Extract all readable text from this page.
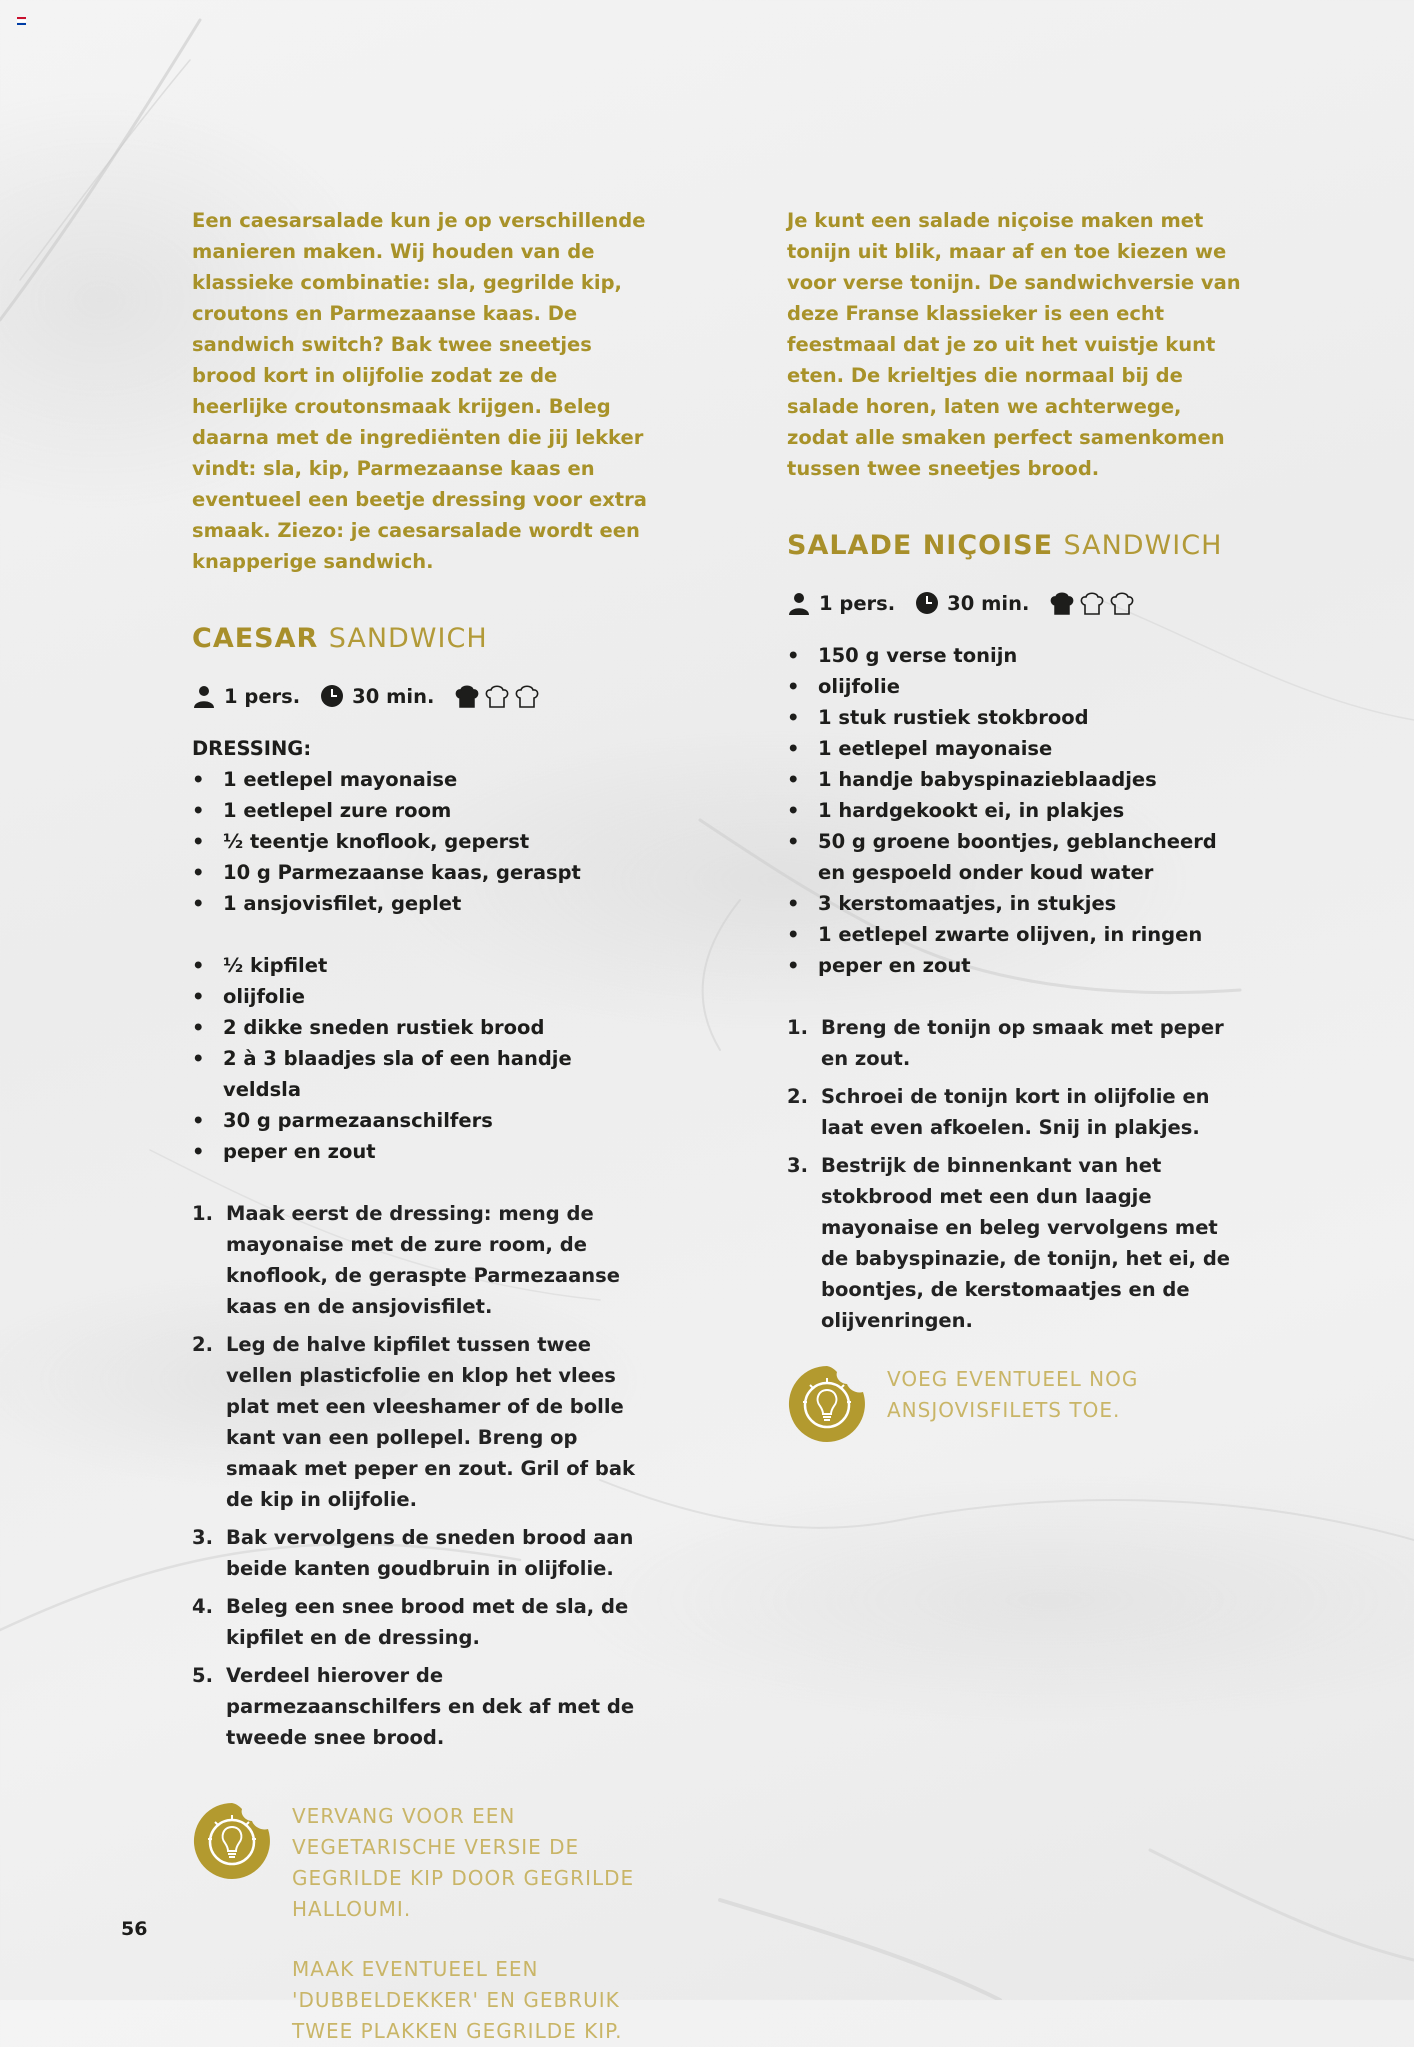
Een caesarsalade kun je op verschillende manieren maken. Wij houden van de klassieke combinatie: sla, gegrilde kip, croutons en Parmezaanse kaas. De sandwich switch? Bak twee sneetjes brood kort in olijfolie zodat ze de heerlijke croutonsmaak krijgen. Beleg daarna met de ingrediënten die jij lekker vindt: sla, kip, Parmezaanse kaas en eventueel een beetje dressing voor extra smaak. Ziezo: je caesarsalade wordt een knapperige sandwich.

CAESAR SANDWICH
1 pers.	30 min.

DRESSING:

• 1 eetlepel mayonaise
• 1 eetlepel zure room
• ½ teentje knoflook, geperst
• 10 g Parmezaanse kaas, geraspt
• 1 ansjovisfilet, geplet
• ½ kipfilet
• olijfolie
• 2 dikke sneden rustiek brood
• 2 à 3 blaadjes sla of een handje veldsla
• 30 g parmezaanschilfers
• peper en zout
1. Maak eerst de dressing: meng de mayonaise met de zure room, de knoflook, de geraspte Parmezaanse kaas en de ansjovisfilet.
2. Leg de halve kipfilet tussen twee vellen plasticfolie en klop het vlees plat met een vleeshamer of de bolle kant van een pollepel. Breng op smaak met peper en zout. Gril of bak de kip in olijfolie.
3. Bak vervolgens de sneden brood aan beide kanten goudbruin in olijfolie.
4. Beleg een snee brood met de sla, de kipfilet en de dressing.
5. Verdeel hierover de parmezaanschilfers en dek af met de tweede snee brood.

VERVANG VOOR EEN VEGETARISCHE VERSIE DE GEGRILDE KIP DOOR GEGRILDE HALLOUMI.

MAAK EVENTUEEL EEN 'DUBBELDEKKER' EN GEBRUIK TWEE PLAKKEN GEGRILDE KIP.

Je kunt een salade niçoise maken met tonijn uit blik, maar af en toe kiezen we voor verse tonijn. De sandwichversie van deze Franse klassieker is een echt feestmaal dat je zo uit het vuistje kunt eten. De krieltjes die normaal bij de salade horen, laten we achterwege, zodat alle smaken perfect samenkomen tussen twee sneetjes brood.

SALADE NIÇOISE SANDWICH
1 pers.	30 min.
• 150 g verse tonijn
• olijfolie
• 1 stuk rustiek stokbrood
• 1 eetlepel mayonaise
• 1 handje babyspinazieblaadjes
• 1 hardgekookt ei, in plakjes
• 50 g groene boontjes, geblancheerd en gespoeld onder koud water
• 3 kerstomaatjes, in stukjes
• 1 eetlepel zwarte olijven, in ringen
• peper en zout
1. Breng de tonijn op smaak met peper en zout.
2. Schroei de tonijn kort in olijfolie en laat even afkoelen. Snij in plakjes.
3. Bestrijk de binnenkant van het stokbrood met een dun laagje mayonaise en beleg vervolgens met de babyspinazie, de tonijn, het ei, de boontjes, de kerstomaatjes en de olijvenringen.

VOEG EVENTUEEL NOG ANSJOVISFILETS TOE.

56
